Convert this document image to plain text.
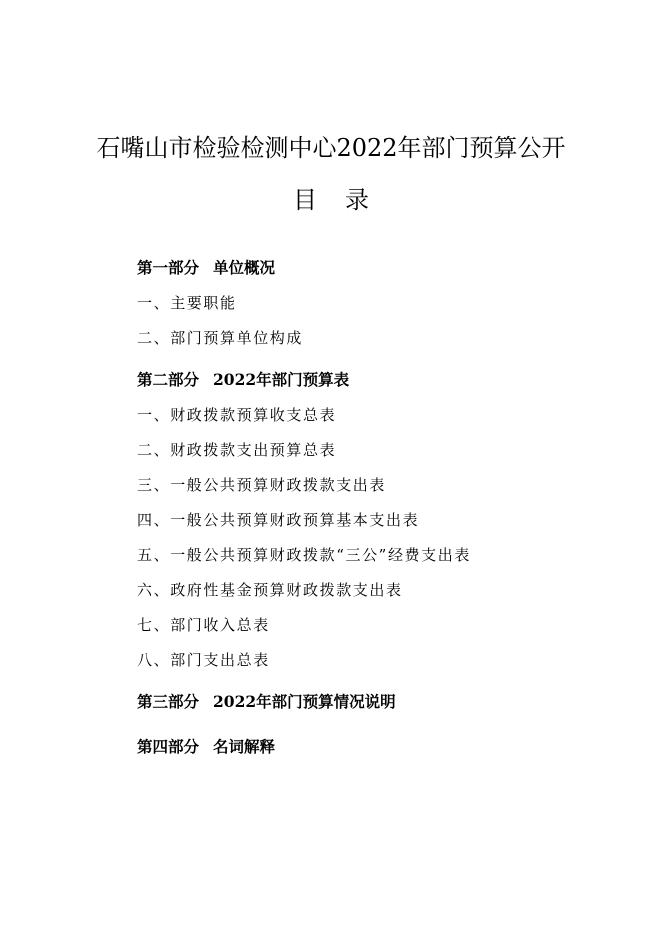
石嘴山市检验检测中心2022年部门预算公开
目 录
第一部分 单位概况
一、主要职能
二、部门预算单位构成
第二部分 2022年部门预算表
一、财政拨款预算收支总表
二、财政拨款支出预算总表
三、一般公共预算财政拨款支出表
四、一般公共预算财政预算基本支出表
五、一般公共预算财政拨款“三公”经费支出表
六、政府性基金预算财政拨款支出表
七、部门收入总表
八、部门支出总表
第三部分 2022年部门预算情况说明
第四部分 名词解释
